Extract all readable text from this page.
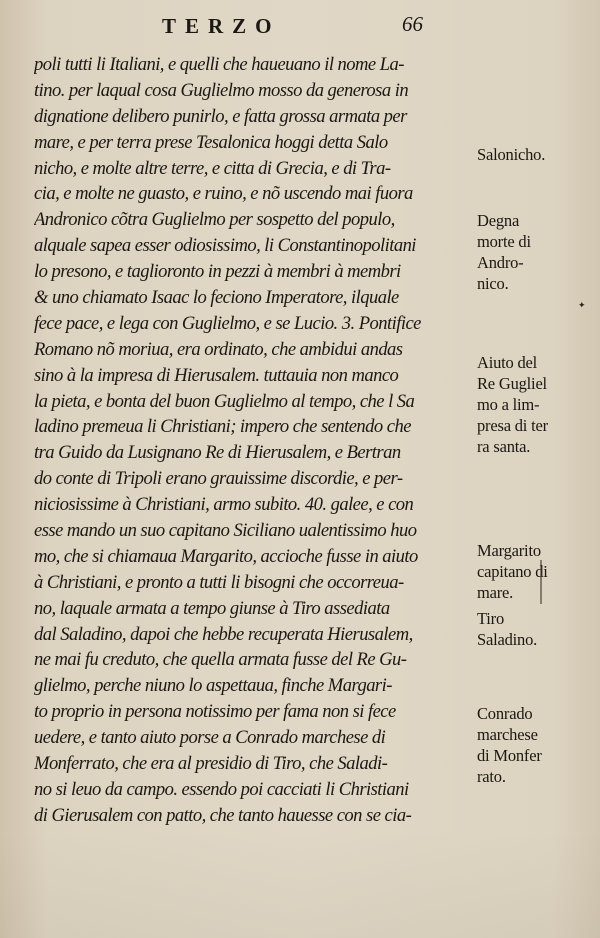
TERZO	66
poli tutti li Italiani, e quelli che haueuano il nome La-
tino. per laqual cosa Guglielmo mosso da generosa in
dignatione delibero punirlo, e fatta grossa armata per
mare, e per terra prese Tesalonica hoggi detta Salo
nicho, e molte altre terre, e citta di Grecia, e di Tra-
cia, e molte ne guasto, e ruino, e nõ uscendo mai fuora
Andronico cõtra Guglielmo per sospetto del populo,
alquale sapea esser odiosissimo, li Constantinopolitani
lo presono, e taglioronto in pezzi à membri à membri
& uno chiamato Isaac lo feciono Imperatore, ilquale
fece pace, e lega con Guglielmo, e se Lucio. 3. Pontifice
Romano nõ moriua, era ordinato, che ambidui andas
sino à la impresa di Hierusalem. tuttauia non manco
la pieta, e bonta del buon Guglielmo al tempo, che l Sa
ladino premeua li Christiani; impero che sentendo che
tra Guido da Lusignano Re di Hierusalem, e Bertran
do conte di Tripoli erano grauissime discordie, e per-
niciosissime à Christiani, armo subito. 40. galee, e con
esse mando un suo capitano Siciliano ualentissimo huo
mo, che si chiamaua Margarito, accioche fusse in aiuto
à Christiani, e pronto a tutti li bisogni che occorreua-
no, laquale armata a tempo giunse à Tiro assediata
dal Saladino, dapoi che hebbe recuperata Hierusalem,
ne mai fu creduto, che quella armata fusse del Re Gu-
glielmo, perche niuno lo aspettaua, finche Margari-
to proprio in persona notissimo per fama non si fece
uedere, e tanto aiuto porse a Conrado marchese di
Monferrato, che era al presidio di Tiro, che Saladi-
no si leuo da campo. essendo poi cacciati li Christiani
di Gierusalem con patto, che tanto hauesse con se cia-
Salonicho.
Degna
morte di
Andro-
nico.
Aiuto del
Re Gugliel
mo a lim-
presa di ter
ra santa.
Margarito
capitano di
mare.
Tiro
Saladino.
Conrado
marchese
di Monfer
rato.
✦
